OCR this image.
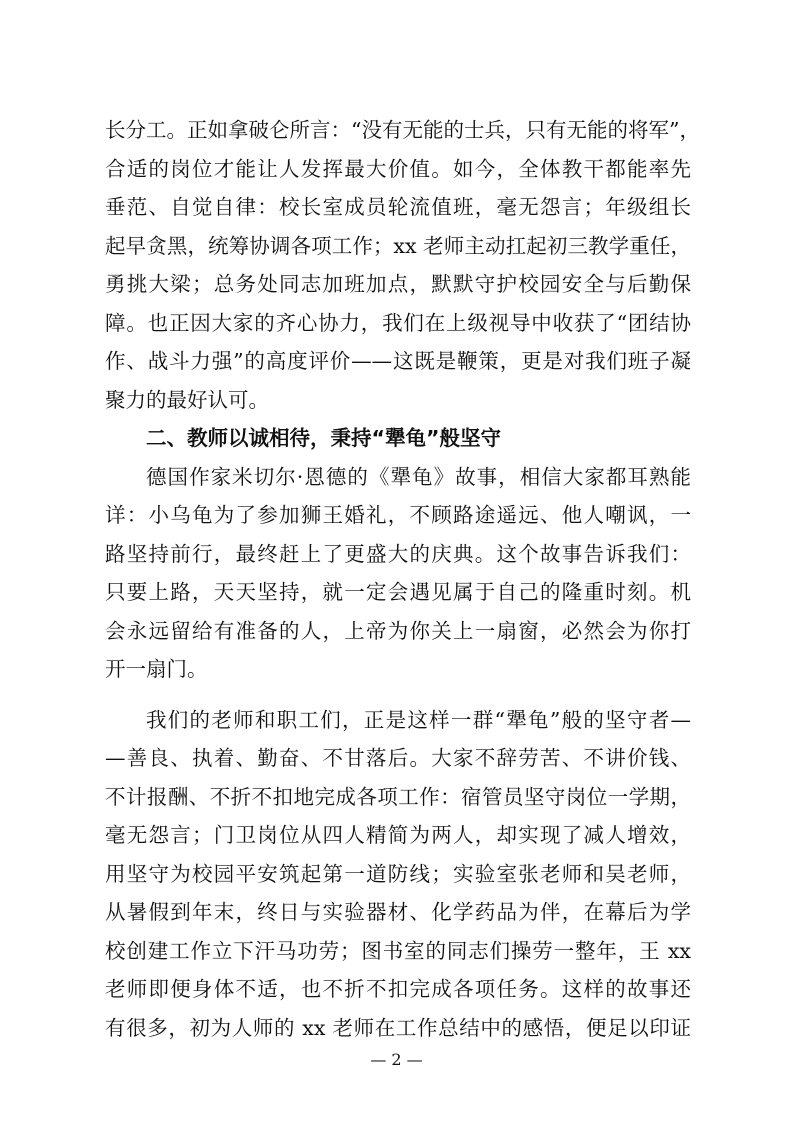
长分工。正如拿破仑所言：“没有无能的士兵，只有无能的将军”，
合适的岗位才能让人发挥最大价值。如今，全体教干都能率先
垂范、自觉自律：校长室成员轮流值班，毫无怨言；年级组长
起早贪黑，统筹协调各项工作；xx 老师主动扛起初三教学重任，
勇挑大梁；总务处同志加班加点，默默守护校园安全与后勤保
障。也正因大家的齐心协力，我们在上级视导中收获了“团结协
作、战斗力强”的高度评价——这既是鞭策，更是对我们班子凝
聚力的最好认可。
二、教师以诚相待，秉持“犟龟”般坚守
德国作家米切尔·恩德的《犟龟》故事，相信大家都耳熟能
详：小乌龟为了参加狮王婚礼，不顾路途遥远、他人嘲讽，一
路坚持前行，最终赶上了更盛大的庆典。这个故事告诉我们：
只要上路，天天坚持，就一定会遇见属于自己的隆重时刻。机
会永远留给有准备的人，上帝为你关上一扇窗，必然会为你打
开一扇门。
我们的老师和职工们，正是这样一群“犟龟”般的坚守者—
—善良、执着、勤奋、不甘落后。大家不辞劳苦、不讲价钱、
不计报酬、不折不扣地完成各项工作：宿管员坚守岗位一学期，
毫无怨言；门卫岗位从四人精简为两人，却实现了减人增效，
用坚守为校园平安筑起第一道防线；实验室张老师和吴老师，
从暑假到年末，终日与实验器材、化学药品为伴，在幕后为学
校创建工作立下汗马功劳；图书室的同志们操劳一整年，王 xx
老师即便身体不适，也不折不扣完成各项任务。这样的故事还
有很多，初为人师的 xx 老师在工作总结中的感悟，便足以印证
— 2 —
